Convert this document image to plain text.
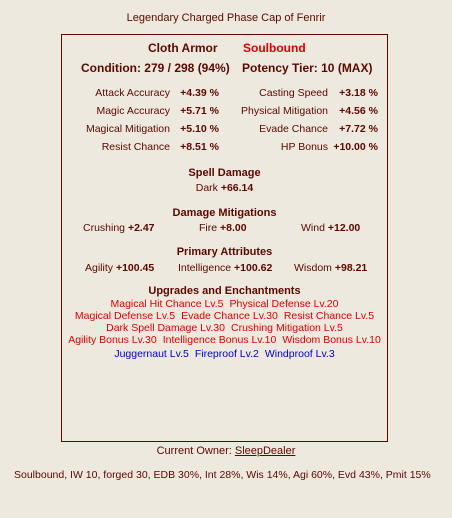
Legendary Charged Phase Cap of Fenrir
Cloth Armor Soulbound
Condition: 279 / 298 (94%) Potency Tier: 10 (MAX)
Attack Accuracy +4.39 %	Casting Speed +3.18 %
Magic Accuracy +5.71 % Physical Mitigation +4.56 %
Magical Mitigation +5.10 %	Evade Chance +7.72 %
Resist Chance +8.51 %	HP Bonus +10.00 %
Spell Damage
Dark +66.14
Damage Mitigations
Crushing +2.47	Fire +8.00	Wind +12.00
Primary Attributes
Agility +100.45 Intelligence +100.62 Wisdom +98.21
Upgrades and Enchantments
Magical Hit Chance Lv.5 Physical Defense Lv.20
Magical Defense Lv.5 Evade Chance Lv.30 Resist Chance Lv.5
Dark Spell Damage Lv.30 Crushing Mitigation Lv.5
Agility Bonus Lv.30 Intelligence Bonus Lv.10 Wisdom Bonus Lv.10
Juggernaut Lv.5 Fireproof Lv.2 Windproof Lv.3
Current Owner: SleepDealer
Soulbound, IW 10, forged 30, EDB 30%, Int 28%, Wis 14%, Agi 60%, Evd 43%, Pmit 15%
